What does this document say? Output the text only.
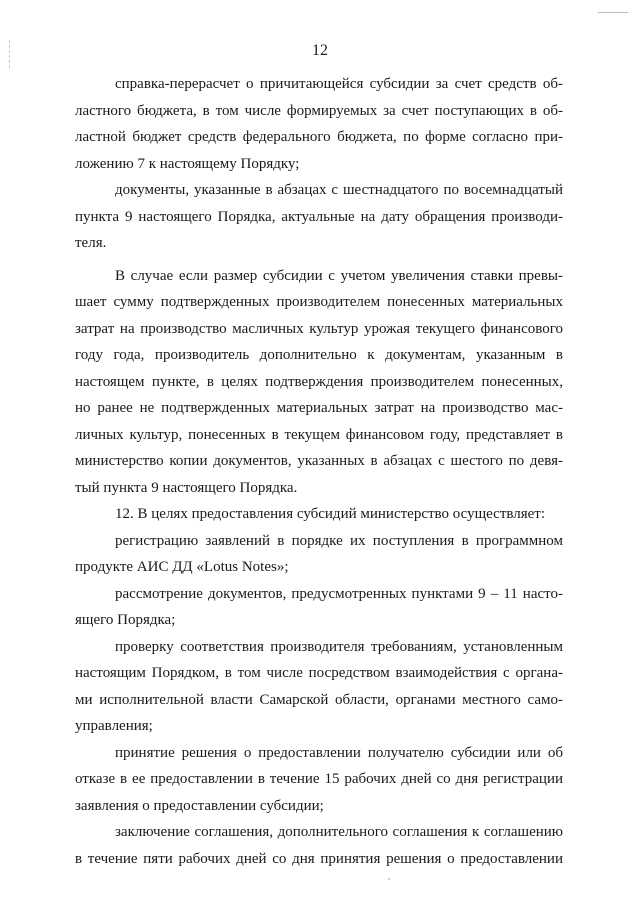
12
справка-перерасчет о причитающейся субсидии за счет средств об-
ластного бюджета, в том числе формируемых за счет поступающих в об-
ластной бюджет средств федерального бюджета, по форме согласно при-
ложению 7 к настоящему Порядку;
документы, указанные в абзацах с шестнадцатого по восемнадцатый
пункта 9 настоящего Порядка, актуальные на дату обращения производи-
теля.
В случае если размер субсидии с учетом увеличения ставки превы-
шает сумму подтвержденных производителем понесенных материальных
затрат на производство масличных культур урожая текущего финансового
году года, производитель дополнительно к документам, указанным в
настоящем пункте, в целях подтверждения производителем понесенных,
но ранее не подтвержденных материальных затрат на производство мас-
личных культур, понесенных в текущем финансовом году, представляет в
министерство копии документов, указанных в абзацах с шестого по девя-
тый пункта 9 настоящего Порядка.
12. В целях предоставления субсидий министерство осуществляет:
регистрацию заявлений в порядке их поступления в программном
продукте АИС ДД «Lotus Notes»;
рассмотрение документов, предусмотренных пунктами 9 – 11 насто-
ящего Порядка;
проверку соответствия производителя требованиям, установленным
настоящим Порядком, в том числе посредством взаимодействия с органа-
ми исполнительной власти Самарской области, органами местного само-
управления;
принятие решения о предоставлении получателю субсидии или об
отказе в ее предоставлении в течение 15 рабочих дней со дня регистрации
заявления о предоставлении субсидии;
заключение соглашения, дополнительного соглашения к соглашению
в течение пяти рабочих дней со дня принятия решения о предоставлении
